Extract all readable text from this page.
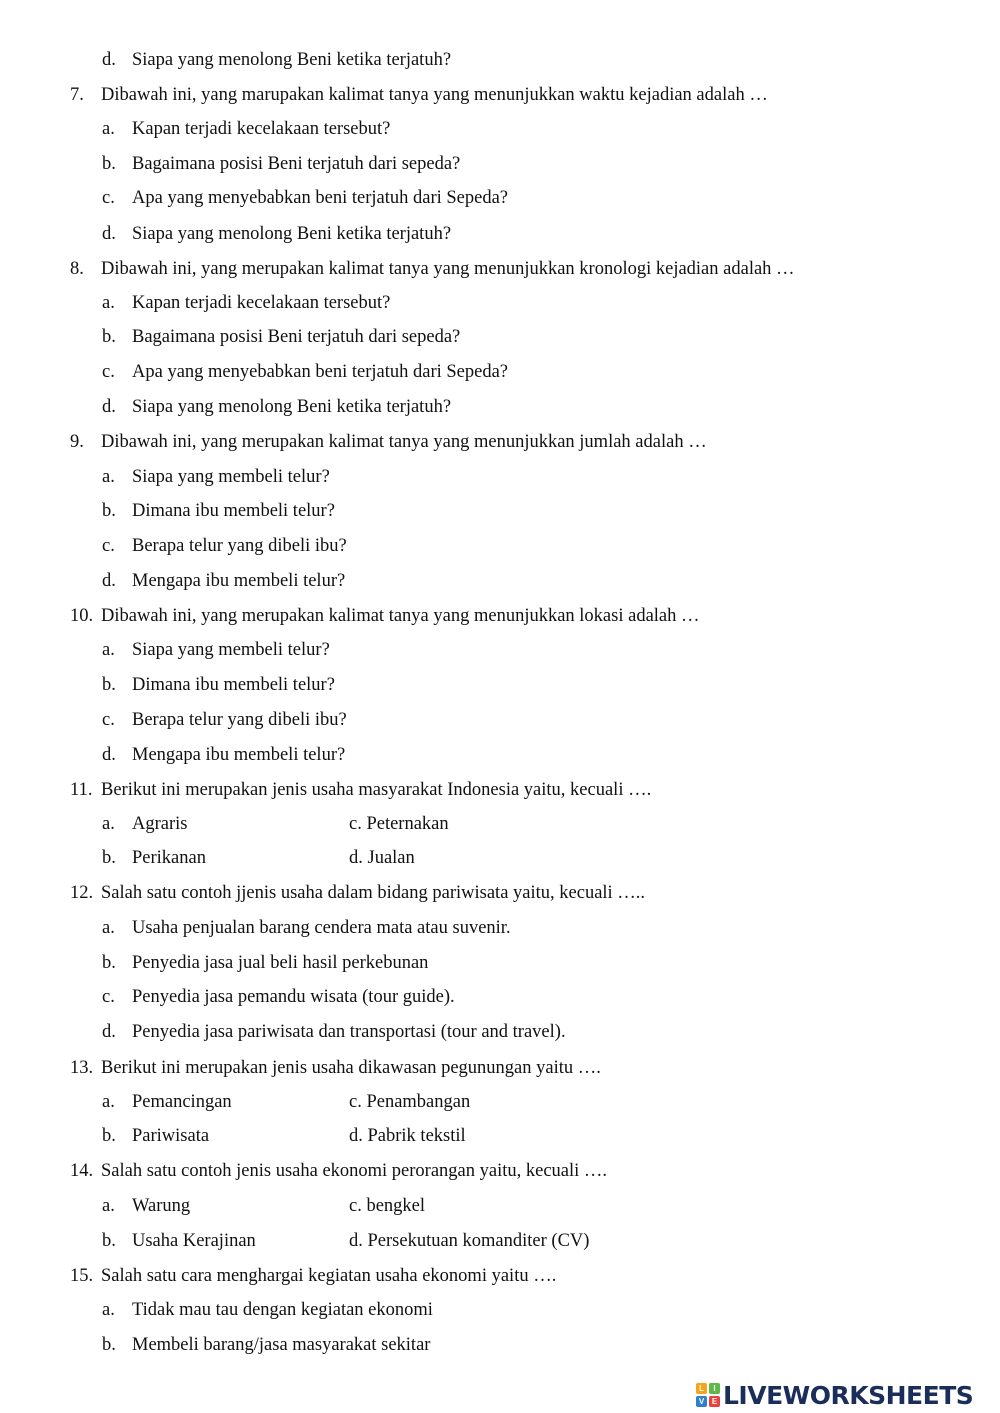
d. Siapa yang menolong Beni ketika terjatuh?
7. Dibawah ini, yang marupakan kalimat tanya yang menunjukkan waktu kejadian adalah …
a. Kapan terjadi kecelakaan tersebut?
b. Bagaimana posisi Beni terjatuh dari sepeda?
c. Apa yang menyebabkan beni terjatuh dari Sepeda?
d. Siapa yang menolong Beni ketika terjatuh?
8. Dibawah ini, yang merupakan kalimat tanya yang menunjukkan kronologi kejadian adalah …
a. Kapan terjadi kecelakaan tersebut?
b. Bagaimana posisi Beni terjatuh dari sepeda?
c. Apa yang menyebabkan beni terjatuh dari Sepeda?
d. Siapa yang menolong Beni ketika terjatuh?
9. Dibawah ini, yang merupakan kalimat tanya yang menunjukkan jumlah adalah …
a. Siapa yang membeli telur?
b. Dimana ibu membeli telur?
c. Berapa telur yang dibeli ibu?
d. Mengapa ibu membeli telur?
10. Dibawah ini, yang merupakan kalimat tanya yang menunjukkan lokasi adalah …
a. Siapa yang membeli telur?
b. Dimana ibu membeli telur?
c. Berapa telur yang dibeli ibu?
d. Mengapa ibu membeli telur?
11. Berikut ini merupakan jenis usaha masyarakat Indonesia yaitu, kecuali ….
a. Agraris	c. Peternakan
b. Perikanan	d. Jualan
12. Salah satu contoh jjenis usaha dalam bidang pariwisata yaitu, kecuali …..
a. Usaha penjualan barang cendera mata atau suvenir.
b. Penyedia jasa jual beli hasil perkebunan
c. Penyedia jasa pemandu wisata (tour guide).
d. Penyedia jasa pariwisata dan transportasi (tour and travel).
13. Berikut ini merupakan jenis usaha dikawasan pegunungan yaitu ….
a. Pemancingan	c. Penambangan
b. Pariwisata	d. Pabrik tekstil
14. Salah satu contoh jenis usaha ekonomi perorangan yaitu, kecuali ….
a. Warung	c. bengkel
b. Usaha Kerajinan	d. Persekutuan komanditer (CV)
15. Salah satu cara menghargai kegiatan usaha ekonomi yaitu ….
a. Tidak mau tau dengan kegiatan ekonomi
b. Membeli barang/jasa masyarakat sekitar
L	I
V E LIVEWORKSHEETS
